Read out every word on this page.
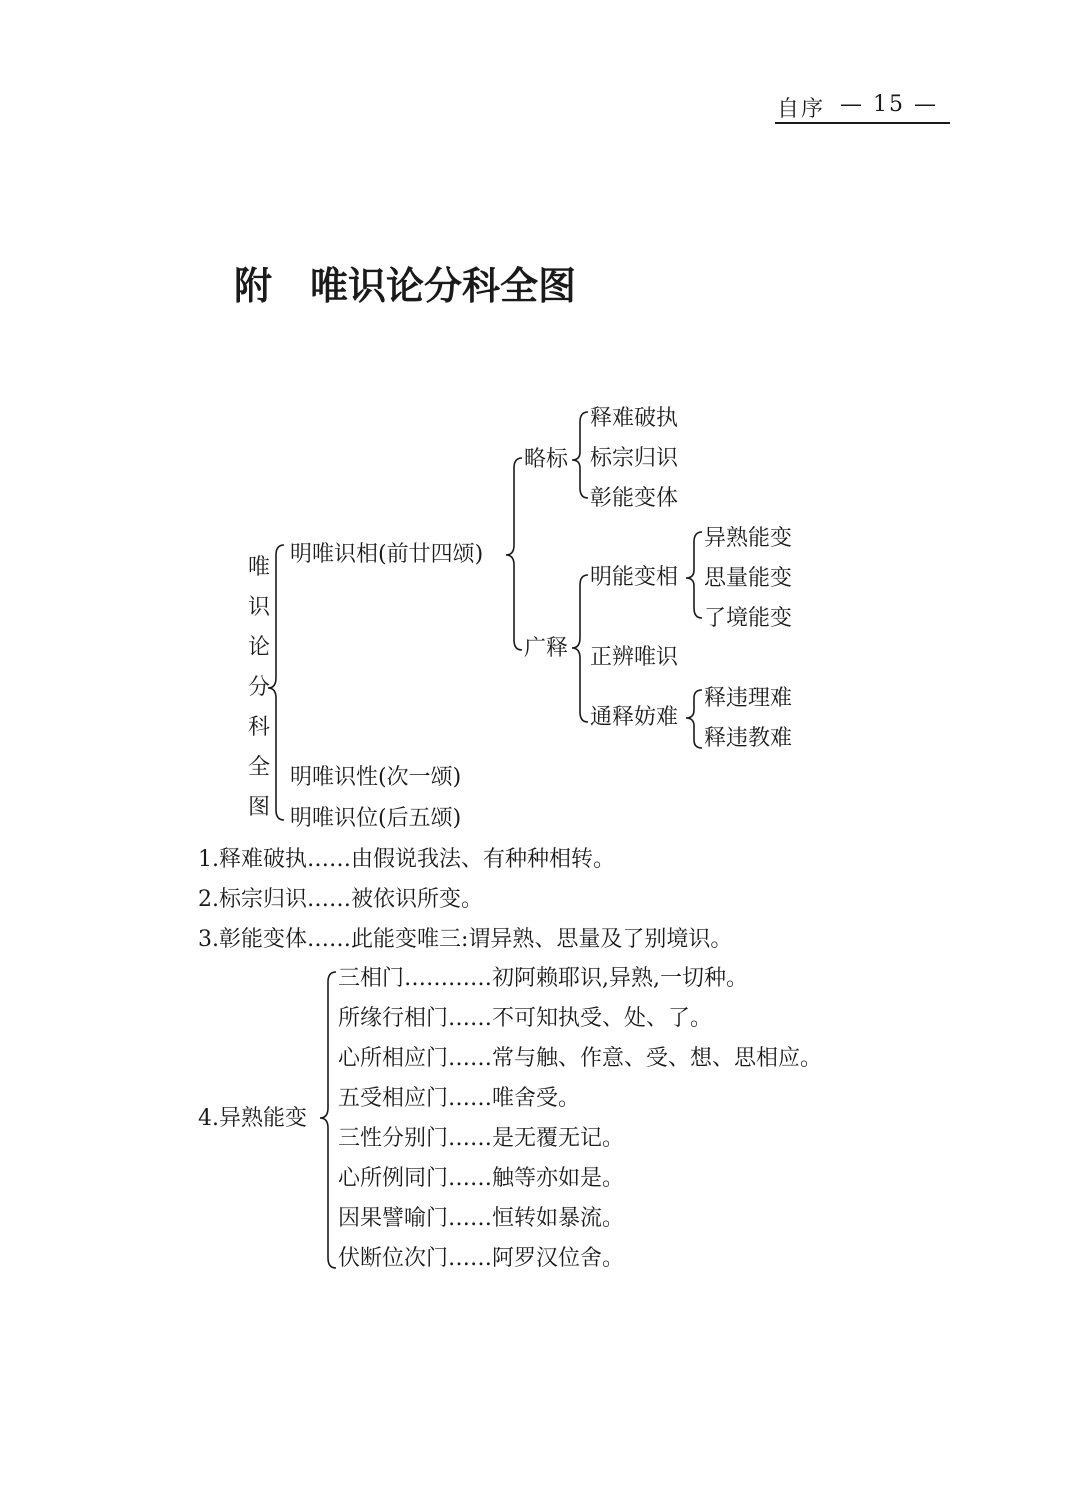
自序 — 15 —
附　唯识论分科全图
唯
识
论
分
科
全
图
明唯识相(前廿四颂)
明唯识性(次一颂)
明唯识位(后五颂)
略标
广释
释难破执
标宗归识
彰能变体
明能变相
正辨唯识
通释妨难
异熟能变
思量能变
了境能变
释违理难
释违教难
1.释难破执……由假说我法、有种种相转。
2.标宗归识……被依识所变。
3.彰能变体……此能变唯三:谓异熟、思量及了别境识。
4.异熟能变
三相门…………初阿赖耶识,异熟,一切种。
所缘行相门……不可知执受、处、了。
心所相应门……常与触、作意、受、想、思相应。
五受相应门……唯舍受。
三性分别门……是无覆无记。
心所例同门……触等亦如是。
因果譬喻门……恒转如暴流。
伏断位次门……阿罗汉位舍。
